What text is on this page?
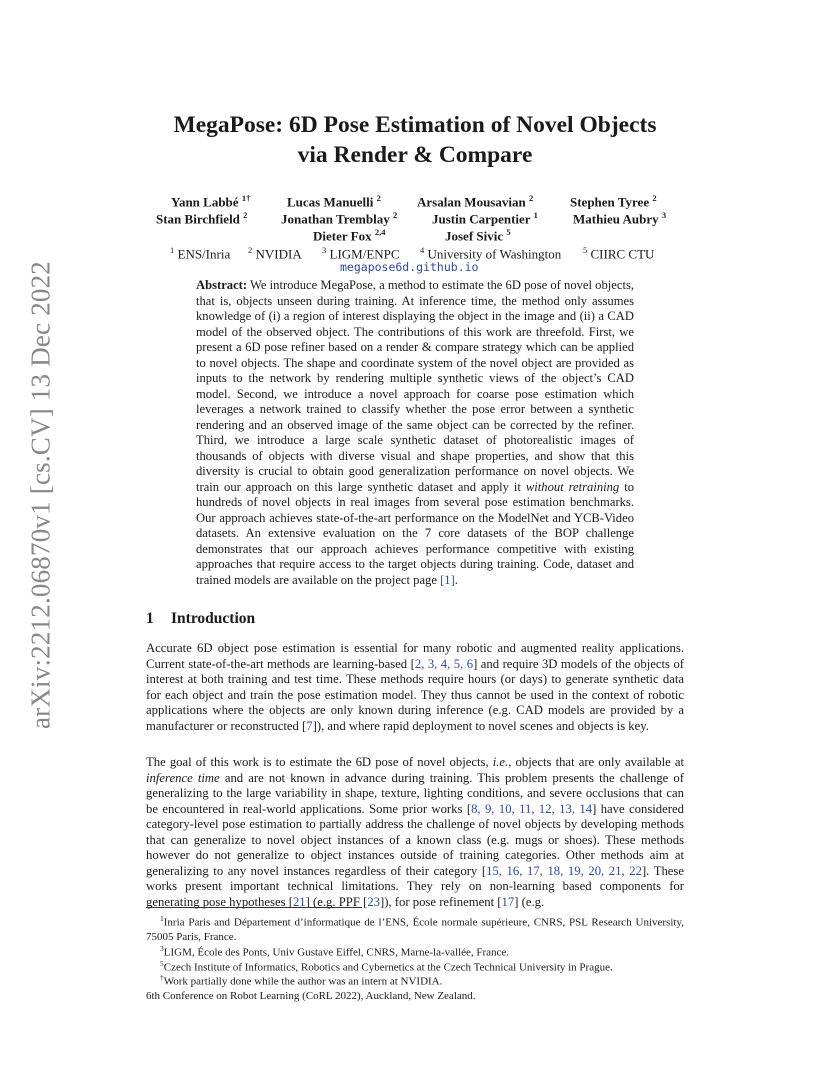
arXiv:2212.06870v1 [cs.CV] 13 Dec 2022
MegaPose: 6D Pose Estimation of Novel Objects
via Render & Compare
Yann Labbé $^{1\dagger}$	Lucas Manuelli $^2$	Arsalan Mousavian $^2$	Stephen Tyree $^2$
Stan Birchfield $^2$	Jonathan Tremblay $^2$	Justin Carpentier $^1$	Mathieu Aubry $^3$
Dieter Fox $^{2,4}$	Josef Sivic $^5$
$^1$ ENS/Inria $^2$ NVIDIA $^3$ LIGM/ENPC $^4$ University of Washington	$^5$ CIIRC CTU
megapose6d.github.io
Abstract: We introduce MegaPose, a method to estimate the 6D pose of novel objects, that is, objects unseen during training. At inference time, the method only assumes knowledge of (i) a region of interest displaying the object in the image and (ii) a CAD model of the observed object. The contributions of this work are threefold. First, we present a 6D pose refiner based on a render & compare strategy which can be applied to novel objects. The shape and coordinate system of the novel object are provided as inputs to the network by rendering multiple synthetic views of the object’s CAD model. Second, we introduce a novel approach for coarse pose estimation which leverages a network trained to classify whether the pose error between a synthetic rendering and an observed image of the same object can be corrected by the refiner. Third, we introduce a large scale synthetic dataset of photorealistic images of thousands of objects with diverse visual and shape properties, and show that this diversity is crucial to obtain good generalization performance on novel objects. We train our approach on this large synthetic dataset and apply it without retraining to hundreds of novel objects in real images from several pose estimation benchmarks. Our approach achieves state-of-the-art performance on the ModelNet and YCB-Video datasets. An extensive evaluation on the 7 core datasets of the BOP challenge demonstrates that our approach achieves performance competitive with existing approaches that require access to the target objects during training. Code, dataset and trained models are available on the project page [1].
1 Introduction
Accurate 6D object pose estimation is essential for many robotic and augmented reality applications. Current state-of-the-art methods are learning-based [2, 3, 4, 5, 6] and require 3D models of the objects of interest at both training and test time. These methods require hours (or days) to generate synthetic data for each object and train the pose estimation model. They thus cannot be used in the context of robotic applications where the objects are only known during inference (e.g. CAD models are provided by a manufacturer or reconstructed [7]), and where rapid deployment to novel scenes and objects is key.
The goal of this work is to estimate the 6D pose of novel objects, i.e., objects that are only available at inference time and are not known in advance during training. This problem presents the challenge of generalizing to the large variability in shape, texture, lighting conditions, and severe occlusions that can be encountered in real-world applications. Some prior works [8, 9, 10, 11, 12, 13, 14] have considered category-level pose estimation to partially address the challenge of novel objects by developing methods that can generalize to novel object instances of a known class (e.g. mugs or shoes). These methods however do not generalize to object instances outside of training categories. Other methods aim at generalizing to any novel instances regardless of their category [15, 16, 17, 18, 19, 20, 21, 22]. These works present important technical limitations. They rely on non-learning based components for generating pose hypotheses [21] (e.g. PPF [23]), for pose refinement [17] (e.g.
$^1$Inria Paris and Département d’informatique de l’ENS, École normale supérieure, CNRS, PSL Research University, 75005 Paris, France.
$^3$LIGM, École des Ponts, Univ Gustave Eiffel, CNRS, Marne-la-vallée, France.
$^5$Czech Institute of Informatics, Robotics and Cybernetics at the Czech Technical University in Prague.
†Work partially done while the author was an intern at NVIDIA.
6th Conference on Robot Learning (CoRL 2022), Auckland, New Zealand.
